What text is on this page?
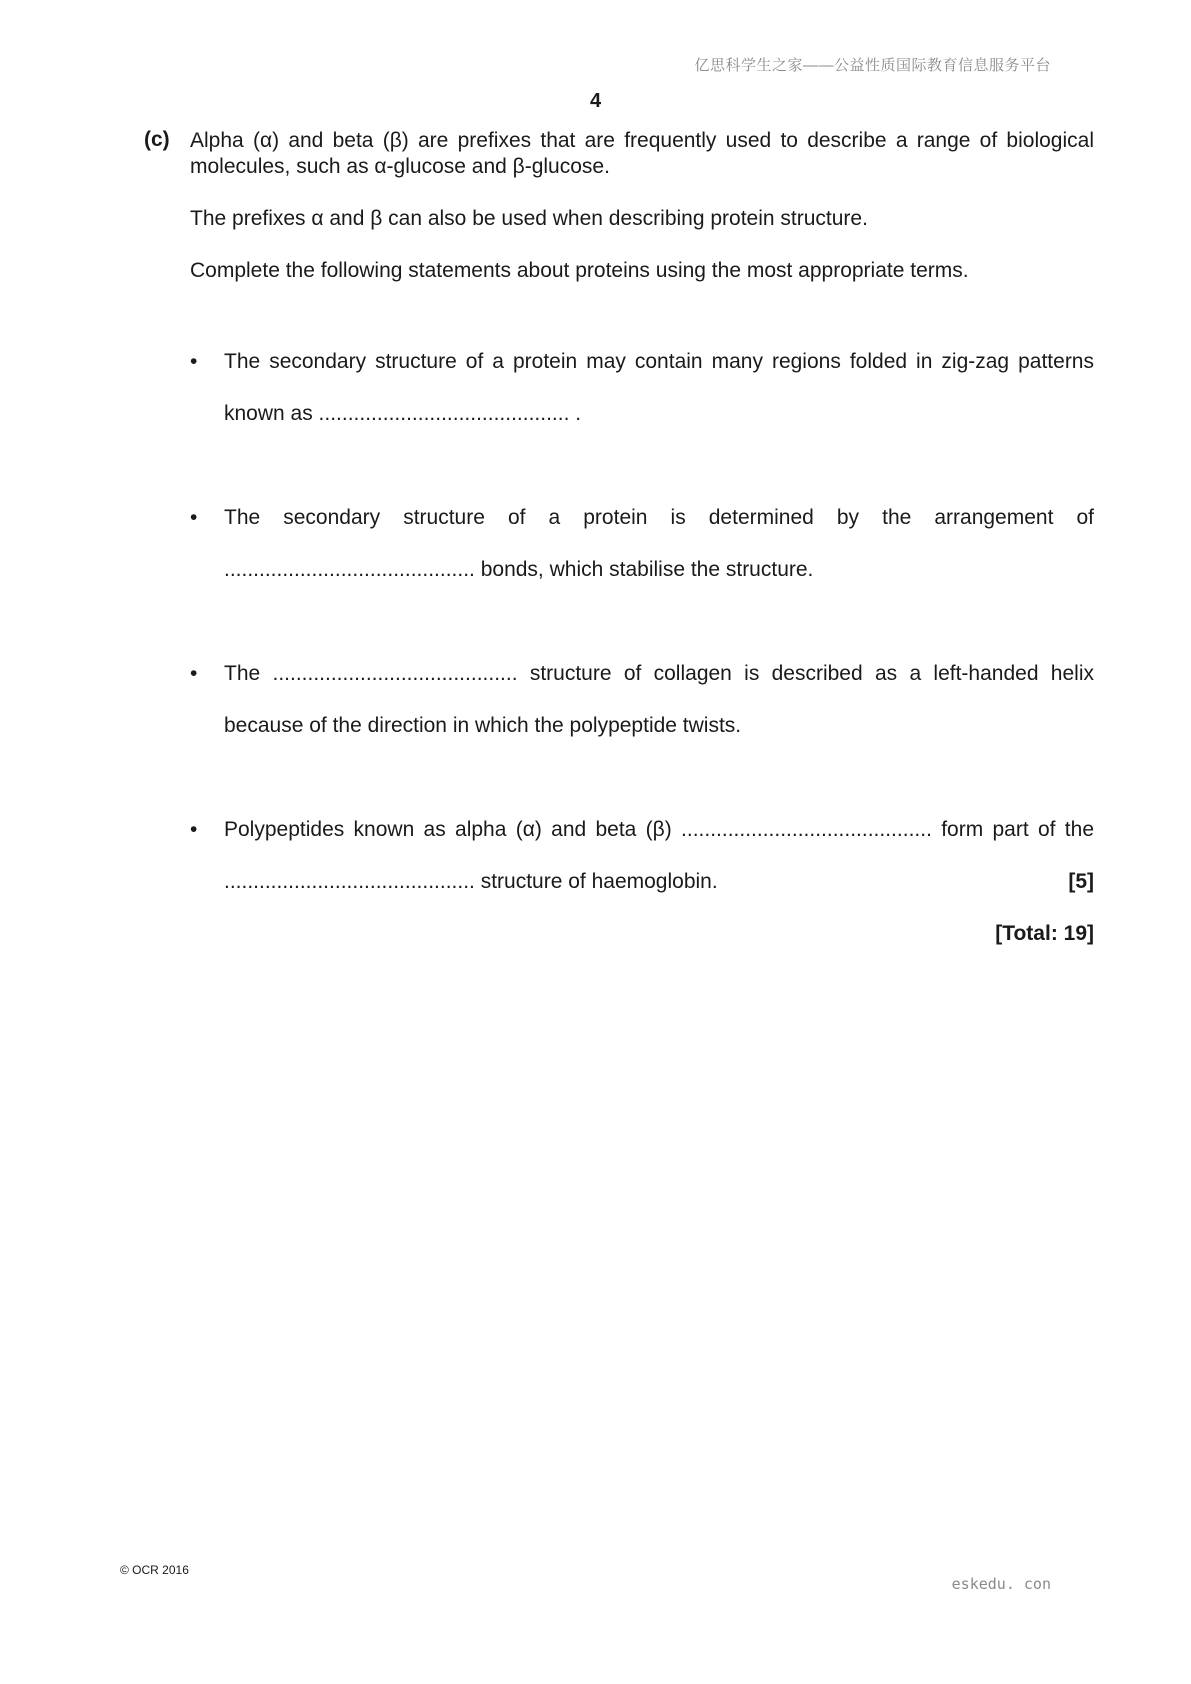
亿思科学生之家——公益性质国际教育信息服务平台
4
(c) Alpha (α) and beta (β) are prefixes that are frequently used to describe a range of biological
molecules, such as α-glucose and β-glucose.

The prefixes α and β can also be used when describing protein structure.

Complete the following statements about proteins using the most appropriate terms.

• The secondary structure of a protein may contain many regions folded in zig-zag patterns
known as ........................................... .
• The secondary structure of a protein is determined by the arrangement of
........................................... bonds, which stabilise the structure.
• The .......................................... structure of collagen is described as a left-handed helix
because of the direction in which the polypeptide twists.
• Polypeptides known as alpha (α) and beta (β) ........................................... form part of the
........................................... structure of haemoglobin.	[5]
[Total: 19]
© OCR 2016
eskedu. con
